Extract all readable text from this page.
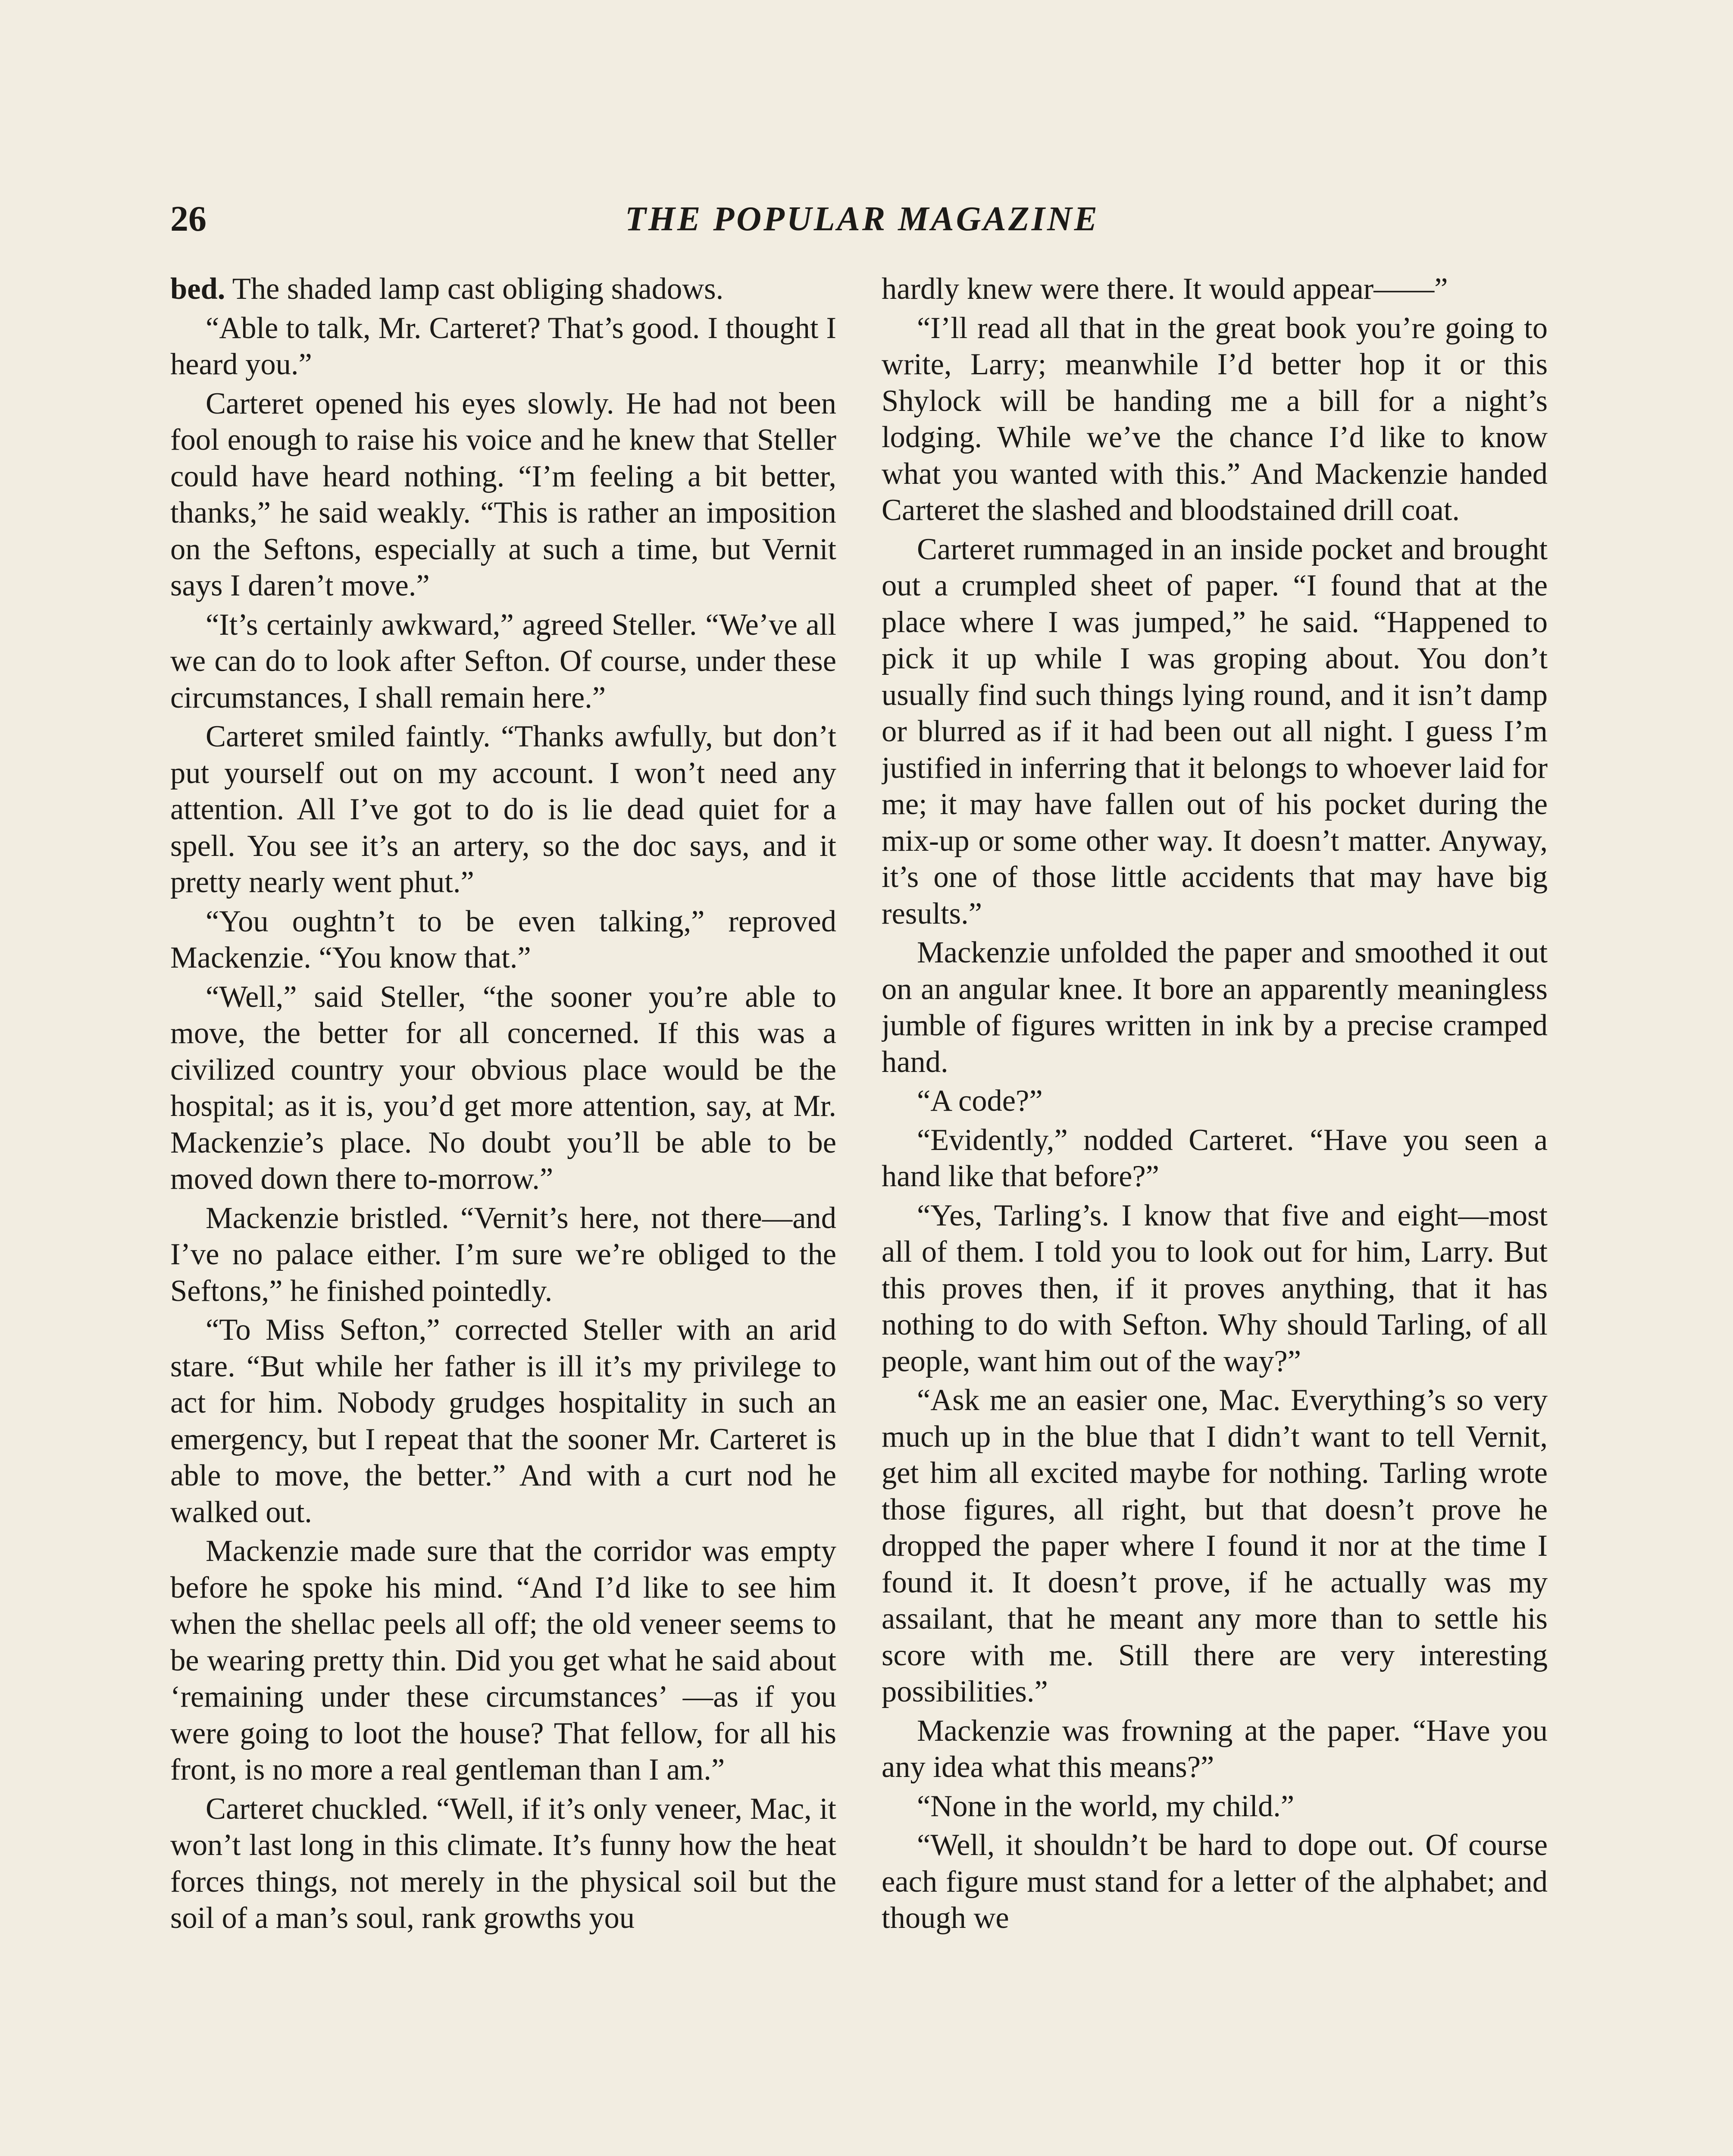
26	THE POPULAR MAGAZINE

bed. The shaded lamp cast obliging shadows.

“Able to talk, Mr. Carteret? That’s good. I thought I heard you.”

Carteret opened his eyes slowly. He had not been fool enough to raise his voice and he knew that Steller could have heard nothing. “I’m feeling a bit better, thanks,” he said weakly. “This is rather an imposition on the Seftons, especially at such a time, but Vernit says I daren’t move.”

“It’s certainly awkward,” agreed Steller. “We’ve all we can do to look after Sefton. Of course, under these circumstances, I shall remain here.”

Carteret smiled faintly. “Thanks awfully, but don’t put yourself out on my account. I won’t need any attention. All I’ve got to do is lie dead quiet for a spell. You see it’s an artery, so the doc says, and it pretty nearly went phut.”

“You oughtn’t to be even talking,” reproved Mackenzie. “You know that.”

“Well,” said Steller, “the sooner you’re able to move, the better for all concerned. If this was a civilized country your obvious place would be the hospital; as it is, you’d get more attention, say, at Mr. Mackenzie’s place. No doubt you’ll be able to be moved down there to-morrow.”

Mackenzie bristled. “Vernit’s here, not there—and I’ve no palace either. I’m sure we’re obliged to the Seftons,” he finished pointedly.

“To Miss Sefton,” corrected Steller with an arid stare. “But while her father is ill it’s my privilege to act for him. Nobody grudges hospitality in such an emergency, but I repeat that the sooner Mr. Carteret is able to move, the better.” And with a curt nod he walked out.

Mackenzie made sure that the corridor was empty before he spoke his mind. “And I’d like to see him when the shellac peels all off; the old veneer seems to be wearing pretty thin. Did you get what he said about ‘remaining under these circumstances’ —as if you were going to loot the house? That fellow, for all his front, is no more a real gentleman than I am.”

Carteret chuckled. “Well, if it’s only veneer, Mac, it won’t last long in this climate. It’s funny how the heat forces things, not merely in the physical soil but the soil of a man’s soul, rank growths you

hardly knew were there. It would appear——”

“I’ll read all that in the great book you’re going to write, Larry; meanwhile I’d better hop it or this Shylock will be handing me a bill for a night’s lodging. While we’ve the chance I’d like to know what you wanted with this.” And Mackenzie handed Carteret the slashed and bloodstained drill coat.

Carteret rummaged in an inside pocket and brought out a crumpled sheet of paper. “I found that at the place where I was jumped,” he said. “Happened to pick it up while I was groping about. You don’t usually find such things lying round, and it isn’t damp or blurred as if it had been out all night. I guess I’m justified in inferring that it belongs to whoever laid for me; it may have fallen out of his pocket during the mix-up or some other way. It doesn’t matter. Anyway, it’s one of those little accidents that may have big results.”

Mackenzie unfolded the paper and smoothed it out on an angular knee. It bore an apparently meaningless jumble of figures written in ink by a precise cramped hand.

“A code?”

“Evidently,” nodded Carteret. “Have you seen a hand like that before?”

“Yes, Tarling’s. I know that five and eight—most all of them. I told you to look out for him, Larry. But this proves then, if it proves anything, that it has nothing to do with Sefton. Why should Tarling, of all people, want him out of the way?”

“Ask me an easier one, Mac. Everything’s so very much up in the blue that I didn’t want to tell Vernit, get him all excited maybe for nothing. Tarling wrote those figures, all right, but that doesn’t prove he dropped the paper where I found it nor at the time I found it. It doesn’t prove, if he actually was my assailant, that he meant any more than to settle his score with me. Still there are very interesting possibilities.”

Mackenzie was frowning at the paper. “Have you any idea what this means?”

“None in the world, my child.”

“Well, it shouldn’t be hard to dope out. Of course each figure must stand for a letter of the alphabet; and though we
